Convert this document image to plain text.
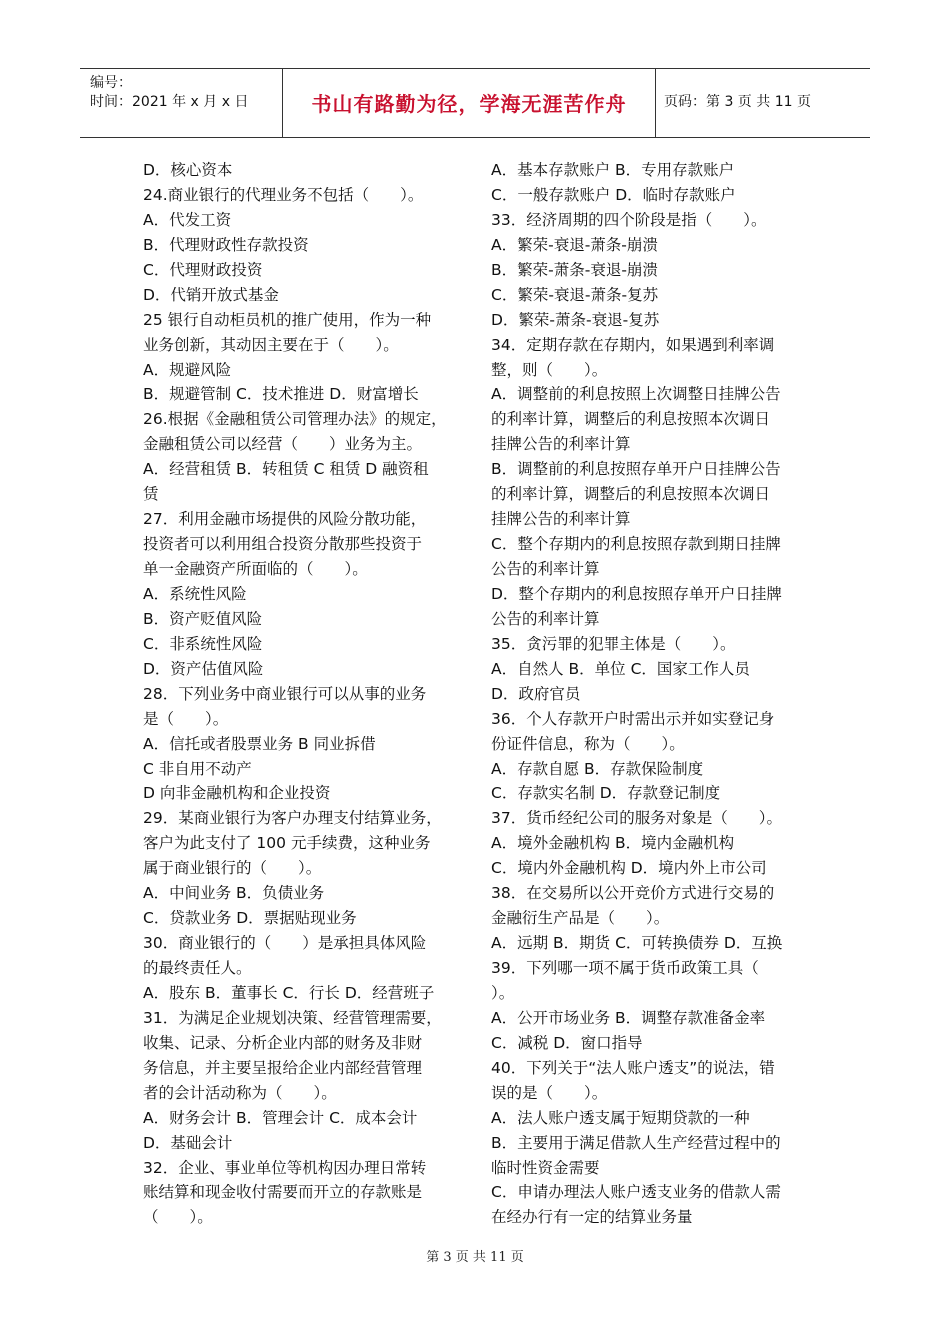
编号：
时间：2021 年 x 月 x 日	书山有路勤为径，学海无涯苦作舟	页码：第 3 页 共 11 页
D．核心资本
24.商业银行的代理业务不包括（　　）。
A．代发工资
B．代理财政性存款投资
C．代理财政投资
D．代销开放式基金
25 银行自动柜员机的推广使用，作为一种
业务创新，其动因主要在于（　　）。
A．规避风险
B．规避管制 C．技术推进 D．财富增长
26.根据《金融租赁公司管理办法》的规定，
金融租赁公司以经营（　　）业务为主。
A．经营租赁 B．转租赁 C 租赁 D 融资租
赁
27．利用金融市场提供的风险分散功能，
投资者可以利用组合投资分散那些投资于
单一金融资产所面临的（　　）。
A．系统性风险
B．资产贬值风险
C．非系统性风险
D．资产估值风险
28．下列业务中商业银行可以从事的业务
是（　　）。
A．信托或者股票业务 B 同业拆借
C 非自用不动产
D 向非金融机构和企业投资
29．某商业银行为客户办理支付结算业务，
客户为此支付了 100 元手续费，这种业务
属于商业银行的（　　）。
A．中间业务 B．负债业务
C．贷款业务 D．票据贴现业务
30．商业银行的（　　）是承担具体风险
的最终责任人。
A．股东 B．董事长 C．行长 D．经营班子
31．为满足企业规划决策、经营管理需要，
收集、记录、分析企业内部的财务及非财
务信息，并主要呈报给企业内部经营管理
者的会计活动称为（　　）。
A．财务会计 B．管理会计 C．成本会计
D．基础会计
32．企业、事业单位等机构因办理日常转
账结算和现金收付需要而开立的存款账是
（　　）。
A．基本存款账户 B．专用存款账户
C．一般存款账户 D．临时存款账户
33．经济周期的四个阶段是指（　　）。
A．繁荣-衰退-萧条-崩溃
B．繁荣-萧条-衰退-崩溃
C．繁荣-衰退-萧条-复苏
D．繁荣-萧条-衰退-复苏
34．定期存款在存期内，如果遇到利率调
整，则（　　）。
A．调整前的利息按照上次调整日挂牌公告
的利率计算，调整后的利息按照本次调日
挂牌公告的利率计算
B．调整前的利息按照存单开户日挂牌公告
的利率计算，调整后的利息按照本次调日
挂牌公告的利率计算
C．整个存期内的利息按照存款到期日挂牌
公告的利率计算
D．整个存期内的利息按照存单开户日挂牌
公告的利率计算
35．贪污罪的犯罪主体是（　　）。
A．自然人 B．单位 C．国家工作人员
D．政府官员
36．个人存款开户时需出示并如实登记身
份证件信息，称为（　　）。
A．存款自愿 B．存款保险制度
C．存款实名制 D．存款登记制度
37．货币经纪公司的服务对象是（　　）。
A．境外金融机构 B．境内金融机构
C．境内外金融机构 D．境内外上市公司
38．在交易所以公开竞价方式进行交易的
金融衍生产品是（　　）。
A．远期 B．期货 C．可转换债券 D．互换
39．下列哪一项不属于货币政策工具（
）。
A．公开市场业务 B．调整存款准备金率
C．减税 D．窗口指导
40．下列关于“法人账户透支”的说法，错
误的是（　　）。
A．法人账户透支属于短期贷款的一种
B．主要用于满足借款人生产经营过程中的
临时性资金需要
C．申请办理法人账户透支业务的借款人需
在经办行有一定的结算业务量
第 3 页 共 11 页
